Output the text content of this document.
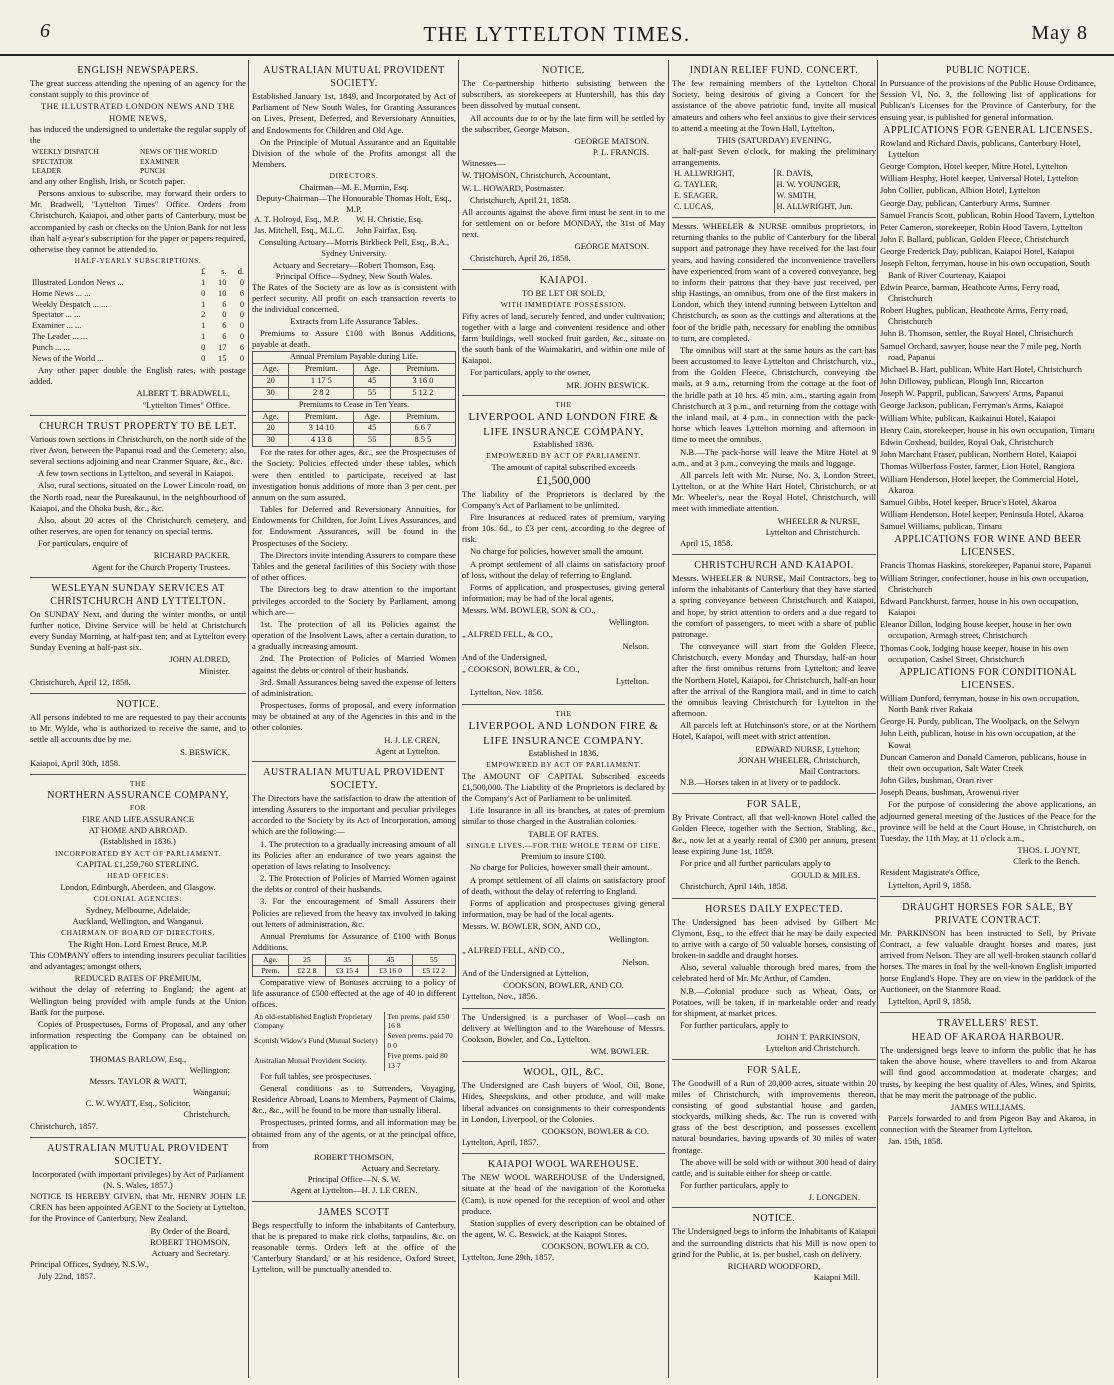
6	THE LYTTELTON TIMES.	May 8
ENGLISH NEWSPAPERS.

The great success attending the opening of an agency for the constant supply to this province of

THE ILLUSTRATED LONDON NEWS AND THE HOME NEWS,

has induced the undersigned to undertake the regular supply of the

WEEKLY DISPATCH	NEWS OF THE WORLD
SPECTATOR	EXAMINER
LEADER	PUNCH

and any other English, Irish, or Scotch paper.

Persons anxious to subscribe, may forward their orders to Mr. Bradwell, "Lyttelton Times" Office. Orders from Christchurch, Kaiapoi, and other parts of Canterbury, must be accompanied by cash or checks on the Union Bank for not less than half a-year's subscription for the paper or papers required, otherwise they cannot be attended to.

HALF-YEARLY SUBSCRIPTIONS.
	£	s.	d.
Illustrated London News ...	1	10	0
Home News ... ...	0	10	6
Weekly Despatch ... ...	1	6	0
Spectator ... ...	2	0	0
Examiner ... ...	1	6	0
The Leader ... ...	1	6	0
Punch ... ...	0	17	6
News of the World ...	0	15	0

Any other paper double the English rates, with postage added.

ALBERT T. BRADWELL,
"Lyttelton Times" Office.
CHURCH TRUST PROPERTY TO BE LET.

Various town sections in Christchurch, on the north side of the river Avon, between the Papanui road and the Cemetery; also, several sections adjoining and near Cranmer Square, &c., &c.

A few town sections in Lyttelton, and several in Kaiapoi.

Also, rural sections, situated on the Lower Lincoln road, on the North road, near the Pureakaunui, in the neighbourhood of Kaiapoi, and the Ohoka bush, &c., &c.

Also, about 20 acres of the Christchurch cemetery, and other reserves, are open for tenancy on special terms.

For particulars, enquire of

RICHARD PACKER,
Agent for the Church Property Trustees.
WESLEYAN SUNDAY SERVICES AT CHRISTCHURCH AND LYTTELTON.

On SUNDAY Next, and during the winter months, or until further notice, Divine Service will be held at Christchurch every Sunday Morning, at half-past ten; and at Lyttelton every Sunday Evening at half-past six.

JOHN ALDRED,
Minister.

Christchurch, April 12, 1858.

NOTICE.

All persons indebted to me are requested to pay their accounts to Mr. Wylde, who is authorized to receive the same, and to settle all accounts due by me.

S. BESWICK.

Kaiapoi, April 30th, 1858.

THE
NORTHERN ASSURANCE COMPANY,
FOR
FIRE AND LIFE ASSURANCE
AT HOME AND ABROAD.
(Established in 1836.)
INCORPORATED BY ACT OF PARLIAMENT.
CAPITAL £1,259,760 STERLING.
HEAD OFFICES:
London, Edinburgh, Aberdeen, and Glasgow.
COLONIAL AGENCIES:
Sydney, Melbourne, Adelaide,
Auckland, Wellington, and Wanganui.
CHAIRMAN OF BOARD OF DIRECTORS,
The Right Hon. Lord Ernest Bruce, M.P.

This COMPANY offers to intending insurers peculiar facilities and advantages; amongst others,

REDUCED RATES OF PREMIUM,

without the delay of referring to England; the agent at Wellington being provided with ample funds at the Union Bank for the purpose.

Copies of Prospectuses, Forms of Proposal, and any other information respecting the Company can be obtained on application to

THOMAS BARLOW, Esq.,
Wellington;
Messrs. TAYLOR & WATT,
Wanganui;
C. W. WYATT, Esq., Solicitor,
Christchurch.

Christchurch, 1857.

AUSTRALIAN MUTUAL PROVIDENT SOCIETY.
Incorporated (with important privileges) by Act of Parliament (N. S. Wales, 1857.)

NOTICE IS HEREBY GIVEN, that Mr. HENRY JOHN LE CREN has been appointed AGENT to the Society at Lyttelton, for the Province of Canterbury, New Zealand.

By Order of the Board,
ROBERT THOMSON,
Actuary and Secretary.

Principal Offices, Sydney, N.S.W.,

July 22nd, 1857.

AUSTRALIAN MUTUAL PROVIDENT SOCIETY.

Established January 1st, 1849, and Incorporated by Act of Parliament of New South Wales, for Granting Assurances on Lives, Present, Deferred, and Reversionary Annuities, and Endowments for Children and Old Age.

On the Principle of Mutual Assurance and an Equitable Division of the whole of the Profits amongst all the Members.

DIRECTORS.
Chairman—M. E. Murnin, Esq.
Deputy-Chairman—The Honourable Thomas Holt, Esq., M.P.
A. T. Holroyd, Esq., M.P.	W. H. Christie, Esq.
Jas. Mitchell, Esq., M.L.C.	John Fairfax, Esq.
Consulting Actuary—Morris Birkbeck Pell, Esq., B.A., Sydney University.
Actuary and Secretary—Robert Thomson, Esq.
Principal Office—Sydney, New South Wales.

The Rates of the Society are as low as is consistent with perfect security. All profit on each transaction reverts to the individual concerned.

Extracts from Life Assurance Tables.

Premiums to Assure £100 with Bonus Additions, payable at death.

Annual Premium Payable during Life.			
Age.	Premium.	Age.	Premium.
20	1 17 5	45	3 16 0
30	2 8 2	55	5 12 2
Premiums to Cease in Ten Years.			
Age.	Premium.	Age.	Premium.
20	3 14 10	45	6 6 7
30	4 13 8	55	8 5 5

For the rates for other ages, &c., see the Prospectuses of the Society. Policies effected under these tables, which were then entitled to participate, received at last investigation bonus additions of more than 3 per cent. per annum on the sum assured.

Tables for Deferred and Reversionary Annuities, for Endowments for Children, for Joint Lives Assurances, and for Endowment Assurances, will be found in the Prospectuses of the Society.

The Directors invite intending Assurers to compare these Tables and the general facilities of this Society with those of other offices.

The Directors beg to draw attention to the important privileges accorded to the Society by Parliament, among which are—

1st. The protection of all its Policies against the operation of the Insolvent Laws, after a certain duration, to a gradually increasing amount.

2nd. The Protection of Policies of Married Women against the debts or control of their husbands.

3rd. Small Assurances being saved the expense of letters of administration.

Prospectuses, forms of proposal, and every information may be obtained at any of the Agencies in this and in the other colonies.

H. J. LE CREN,
Agent at Lyttelton.
AUSTRALIAN MUTUAL PROVIDENT SOCIETY.

The Directors have the satisfaction to draw the attention of intending Assurers to the important and peculiar privileges accorded to the Society by its Act of Incorporation, among which are the following:—

1. The protection to a gradually increasing amount of all its Policies after an endurance of two years against the operation of laws relating to Insolvency.

2. The Protection of Policies of Married Women against the debts or control of their husbands.

3. For the encouragement of Small Assurers their Policies are relieved from the heavy tax involved in taking out letters of administration, &c.

Annual Premiums for Assurance of £100 with Bonus Additions.

Age.	25	35	45	55
Prem.	£2 2 8	£3 15 4	£3 16 0	£5 12 2

Comparative view of Bonuses accruing to a policy of life assurance of £500 effected at the age of 40 in different offices.

An old-established English Proprietary Company	Ten prems. paid £50 16 8
Scottish Widow's Fund (Mutual Society)	Seven prems. paid 70 0 0
Australian Mutual Provident Society.	Five prems. paid 80 13 7

For full tables, see prospectuses.

General conditions as to Surrenders, Voyaging, Residence Abroad, Loans to Members, Payment of Claims, &c., &c., will be found to be more than usually liberal.

Prospectuses, printed forms, and all information may be obtained from any of the agents, or at the principal office, from

ROBERT THOMSON,
Actuary and Secretary.
Principal Office—N. S. W.
Agent at Lyttelton—H. J. LE CREN.
JAMES SCOTT

Begs respectfully to inform the inhabitants of Canterbury, that he is prepared to make rick cloths, tarpaulins, &c. on reasonable terms. Orders left at the office of the 'Canterbury Standard,' or at his residence, Oxford Street, Lyttelton, will be punctually attended to.

NOTICE.

The Co-partnership hitherto subsisting between the subscribers, as storekeepers at Huntershill, has this day been dissolved by mutual consent.

All accounts due to or by the late firm will be settled by the subscriber, George Matson.

GEORGE MATSON.
P. L. FRANCIS.

Witnesses—

W. THOMSON, Christchurch, Accountant,

W. L. HOWARD, Postmaster.

Christchurch, April 21, 1858.

All accounts against the above firm must be sent in to me for settlement on or before MONDAY, the 31st of May next.

GEORGE MATSON.

Christchurch, April 26, 1858.

KAIAPOI.
TO BE LET OR SOLD,
WITH IMMEDIATE POSSESSION.

Fifty acres of land, securely fenced, and under cultivation; together with a large and convenient residence and other farm buildings, well stocked fruit garden, &c., situate on the south bank of the Waimakariri, and within one mile of Kaiapoi.

For particulars, apply to the owner,

MR. JOHN BESWICK.
THE
LIVERPOOL AND LONDON FIRE & LIFE INSURANCE COMPANY.
Established 1836.
EMPOWERED BY ACT OF PARLIAMENT.
The amount of capital subscribed exceeds
£1,500,000

The liability of the Proprietors is declared by the Company's Act of Parliament to be unlimited.

Fire Insurances at reduced rates of premium, varying from 10s. 6d., to £3 per cent, according to the degree of risk.

No charge for policies, however small the amount.

A prompt settlement of all claims on satisfactory proof of loss, without the delay of referring to England.

Forms of application, and prospectuses, giving general information, may be had of the local agents,

Messrs. WM. BOWLER, SON & CO.,

Wellington.

„ ALFRED FELL, & CO.,

Nelson.

And of the Undersigned,

„ COOKSON, BOWLER, & CO.,

Lyttelton.

Lyttelton, Nov. 1856.

THE
LIVERPOOL AND LONDON FIRE & LIFE INSURANCE COMPANY.
Established in 1836.
EMPOWERED BY ACT OF PARLIAMENT.

The AMOUNT OF CAPITAL Subscribed exceeds £1,500,000. The Liability of the Proprietors is declared by the Company's Act of Parliament to be unlimited.

Life Insurance in all its branches, at rates of premium similar to those charged in the Australian colonies.

TABLE OF RATES.
SINGLE LIVES.—FOR THE WHOLE TERM OF LIFE.
Premium to insure £100.

No charge for Policies, however small their amount.

A prompt settlement of all claims on satisfactory proof of death, without the delay of referring to England.

Forms of application and prospectuses giving general information, may be had of the local agents.

Messrs. W. BOWLER, SON, AND CO.,

Wellington.

„ ALFRED FELL, AND CO.,

Nelson.

And of the Undersigned at Lyttelton,

COOKSON, BOWLER, AND CO.

Lyttelton, Nov., 1856.

The Undersigned is a purchaser of Wool—cash on delivery at Wellington and to the Warehouse of Messrs. Cookson, Bowler, and Co., Lyttelton.

WM. BOWLER.
WOOL, OIL, &C.

The Undersigned are Cash buyers of Wool, Oil, Bone, Hides, Sheepskins, and other produce, and will make liberal advances on consignments to their correspondents in London, Liverpool, or the Colonies.

COOKSON, BOWLER & CO.

Lyttelton, April, 1857.

KAIAPOI WOOL WAREHOUSE.

The NEW WOOL WAREHOUSE of the Undersigned, situate at the head of the navigation of the Korotueka (Cam), is now opened for the reception of wool and other produce.

Station supplies of every description can be obtained of the agent, W. C. Beswick, at the Kaiapoi Stores.

COOKSON, BOWLER & CO.

Lyttelton, June 29th, 1857.

INDIAN RELIEF FUND. CONCERT.

The few remaining members of the Lyttelton Choral Society, being desirous of giving a Concert for the assistance of the above patriotic fund, invite all musical amateurs and others who feel anxious to give their services to attend a meeting at the Town Hall, Lyttelton,

THIS (SATURDAY) EVENING,

at half-past Seven o'clock, for making the preliminary arrangements.

H. ALLWRIGHT,	R. DAVIS,
G. TAYLER,	H. W. YOUNGER,
E. SEAGER,	W. SMITH,
C. LUCAS,	H. ALLWRIGHT, Jun.

Messrs. WHEELER & NURSE omnibus proprietors, in returning thanks to the public of Canterbury for the liberal support and patronage they have received for the last four years, and having considered the inconvenience travellers have experienced from want of a covered conveyance, beg to inform their patrons that they have just received, per ship Hastings, an omnibus, from one of the first makers in London, which they intend running between Lyttelton and Christchurch, as soon as the cuttings and alterations at the foot of the bridle path, necessary for enabling the omnibus to turn, are completed.

The omnibus will start at the same hours as the cart has been accustomed to leave Lyttelton and Christchurch, viz., from the Golden Fleece, Christchurch, conveying the mails, at 9 a.m., returning from the cottage at the foot of the bridle path at 10 hrs. 45 min. a.m., starting again from Christchurch at 3 p.m., and returning from the cottage with the inland mail, at 4 p.m., in connection with the pack-horse which leaves Lyttelton morning and afternoon in time to meet the omnibus.

N.B.—The pack-horse will leave the Mitre Hotel at 9 a.m., and at 3 p.m., conveying the mails and luggage.

All parcels left with Mr. Nurse, No. 3, London Street, Lyttelton, or at the White Hart Hotel, Christchurch, or at Mr. Wheeler's, near the Royal Hotel, Christchurch, will meet with immediate attention.

WHEELER & NURSE,
Lyttelton and Christchurch.

April 15, 1858.

CHRISTCHURCH AND KAIAPOI.

Messrs. WHEELER & NURSE, Mail Contractors, beg to inform the inhabitants of Canterbury that they have started a spring conveyance between Christchurch and Kaiapoi, and hope, by strict attention to orders and a due regard to the comfort of passengers, to meet with a share of public patronage.

The conveyance will start from the Golden Fleece, Christchurch, every Monday and Thursday, half-an hour after the first omnibus returns from Lyttelton; and leave the Northern Hotel, Kaiapoi, for Christchurch, half-an hour after the arrival of the Rangiora mail, and in time to catch the omnibus leaving Christchurch for Lyttelton in the afternoon.

All parcels left at Hutchinson's store, or at the Northern Hotel, Kaiapoi, will meet with strict attention.

EDWARD NURSE, Lyttelton;
JONAH WHEELER, Christchurch,
Mail Contractors.

N.B.—Horses taken in at livery or to paddock.

FOR SALE,

By Private Contract, all that well-known Hotel called the Golden Fleece, together with the Section, Stabling, &c., &c., now let at a yearly rental of £300 per annum, present lease expiring June 1st, 1859.

For price and all further particulars apply to

GOULD & MILES.

Christchurch, April 14th, 1858.

HORSES DAILY EXPECTED.

The Undersigned has been advised by Gilbert Mc Clymont, Esq., to the effect that he may be daily expected to arrive with a cargo of 50 valuable horses, consisting of broken-in saddle and draught horses.

Also, several valuable thorough bred mares, from the celebrated herd of Mr. Mc Arthur, of Camden.

N.B.—Colonial produce such as Wheat, Oats, or Potatoes, will be taken, if in marketable order and ready for shipment, at market prices.

For further particulars, apply to

JOHN T. PARKINSON,
Lyttelton and Christchurch.
FOR SALE.

The Goodwill of a Run of 20,000 acres, situate within 20 miles of Christchurch, with improvements thereon, consisting of good substantial house and garden, stockyards, milking sheds, &c. The run is covered with grass of the best description, and possesses excellent natural boundaries, having upwards of 30 miles of water frontage.

The above will be sold with or without 300 head of dairy cattle, and is suitable either for sheep or cattle.

For further particulars, apply to

J. LONGDEN.
NOTICE.

The Undersigned begs to inform the Inhabitants of Kaiapoi and the surrounding districts that his Mill is now open to grind for the Public, at 1s. per bushel, cash on delivery.

RICHARD WOODFORD,
Kaiapoi Mill.
PUBLIC NOTICE.

In Pursuance of the provisions of the Public House Ordinance, Session VI, No. 3, the following list of applications for Publican's Licenses for the Province of Canterbury, for the ensuing year, is published for general information.

APPLICATIONS FOR GENERAL LICENSES.
Rowland and Richard Davis, publicans, Canterbury Hotel, Lyttelton
George Compton, Hotel keeper, Mitre Hotel, Lyttelton
William Hesphy, Hotel keeper, Universal Hotel, Lyttelton
John Collier, publican, Albion Hotel, Lyttelton
George Day, publican, Canterbury Arms, Sumner
Samuel Francis Scott, publican, Robin Hood Tavern, Lyttelton
Peter Cameron, storekeeper, Robin Hood Tavern, Lyttelton
John F. Ballard, publican, Golden Fleece, Christchurch
George Frederick Day, publican, Kaiapoi Hotel, Kaiapoi
Joseph Felton, ferryman, house in his own occupation, South Bank of River Courtenay, Kaiapoi
Edwin Pearce, barman, Heathcote Arms, Ferry road, Christchurch
Robert Hughes, publican, Heathcote Arms, Ferry road, Christchurch
John B. Thomson, settler, the Royal Hotel, Christchurch
Samuel Orchard, sawyer, house near the 7 mile peg, North road, Papanui
Michael B. Hart, publican, White Hart Hotel, Christchurch
John Dilloway, publican, Plough Inn, Riccarton
Joseph W. Pappril, publican, Sawyers' Arms, Papanui
George Jackson, publican, Ferryman's Arms, Kaiapoi
William White, publican, Kaikainui Hotel, Kaiapoi
Henry Cain, storekeeper, house in his own occupation, Timaru
Edwin Coxhead, builder, Royal Oak, Christchurch
John Marchant Fraser, publican, Northern Hotel, Kaiapoi
Thomas Wilberfoss Foster, farmer, Lion Hotel, Rangiora
William Henderson, Hotel keeper, the Commercial Hotel, Akaroa
Samuel Gibbs, Hotel keeper, Bruce's Hotel, Akaroa
William Henderson, Hotel keeper, Peninsula Hotel, Akaroa
Samuel Williams, publican, Timaru
APPLICATIONS FOR WINE AND BEER LICENSES.
Francis Thomas Haskins, storekeeper, Papanui store, Papanui
William Stringer, confectioner, house in his own occupation, Christchurch
Edward Panckhurst, farmer, house in his own occupation, Kaiapoi
Eleanor Dillon, lodging house keeper, house in her own occupation, Armagh street, Christchurch
Thomas Cook, lodging house keeper, house in his own occupation, Cashel Street, Christchurch
APPLICATIONS FOR CONDITIONAL LICENSES.
William Dunford, ferryman, house in his own occupation, North Bank river Rakaia
George H. Purdy, publican, The Woolpack, on the Selwyn
John Leith, publican, house in his own occupation, at the Kowai
Duncan Cameron and Donald Cameron, publicans, house in their own occupation, Salt Water Creek
John Giles, bushman, Orari river
Joseph Deans, bushman, Arowenui river

For the purpose of considering the above applications, an adjourned general meeting of the Justices of the Peace for the province will be held at the Court House, in Christchurch, on Tuesday, the 11th May, at 11 o'clock a.m.,

THOS. I. JOYNT,
Clerk to the Bench.

Resident Magistrate's Office,

Lyttelton, April 9, 1858.

DRAUGHT HORSES FOR SALE, BY PRIVATE CONTRACT.

Mr. PARKINSON has been instructed to Sell, by Private Contract, a few valuable draught horses and mares, just arrived from Nelson. They are all well-broken staunch collar'd horses. The mares in foal by the well-known English imported horse England's Hope. They are on view in the paddock of the Auctioneer, on the Stanmore Road.

Lyttelton, April 9, 1858.

TRAVELLERS' REST.
HEAD OF AKAROA HARBOUR.

The undersigned begs leave to inform the public that he has taken the above house, where travellers to and from Akaroa will find good accommodation at moderate charges; and trusts, by keeping the best quality of Ales, Wines, and Spirits, that he may merit the patronage of the public.

JAMES WILLIAMS.

Parcels forwarded to and from Pigeon Bay and Akaroa, in connection with the Steamer from Lyttelton.

Jan. 15th, 1858.
